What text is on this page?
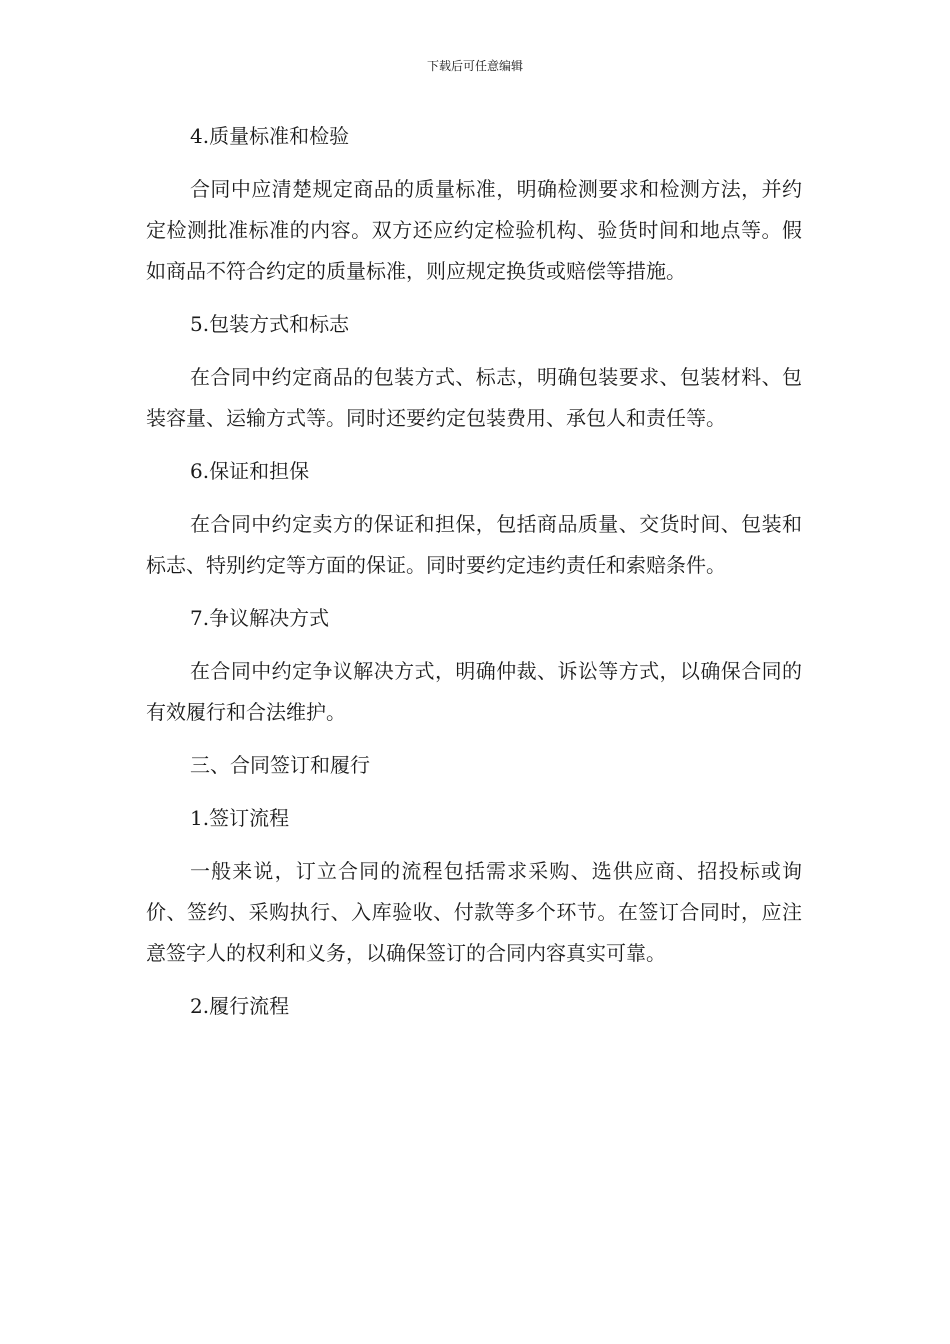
下载后可任意编辑
4.质量标准和检验
合同中应清楚规定商品的质量标准，明确检测要求和检测方法，并约定检测批准标准的内容。双方还应约定检验机构、验货时间和地点等。假如商品不符合约定的质量标准，则应规定换货或赔偿等措施。
5.包装方式和标志
在合同中约定商品的包装方式、标志，明确包装要求、包装材料、包装容量、运输方式等。同时还要约定包装费用、承包人和责任等。
6.保证和担保
在合同中约定卖方的保证和担保，包括商品质量、交货时间、包装和标志、特别约定等方面的保证。同时要约定违约责任和索赔条件。
7.争议解决方式
在合同中约定争议解决方式，明确仲裁、诉讼等方式，以确保合同的有效履行和合法维护。
三、合同签订和履行
1.签订流程
一般来说，订立合同的流程包括需求采购、选供应商、招投标或询价、签约、采购执行、入库验收、付款等多个环节。在签订合同时，应注意签字人的权利和义务，以确保签订的合同内容真实可靠。
2.履行流程
